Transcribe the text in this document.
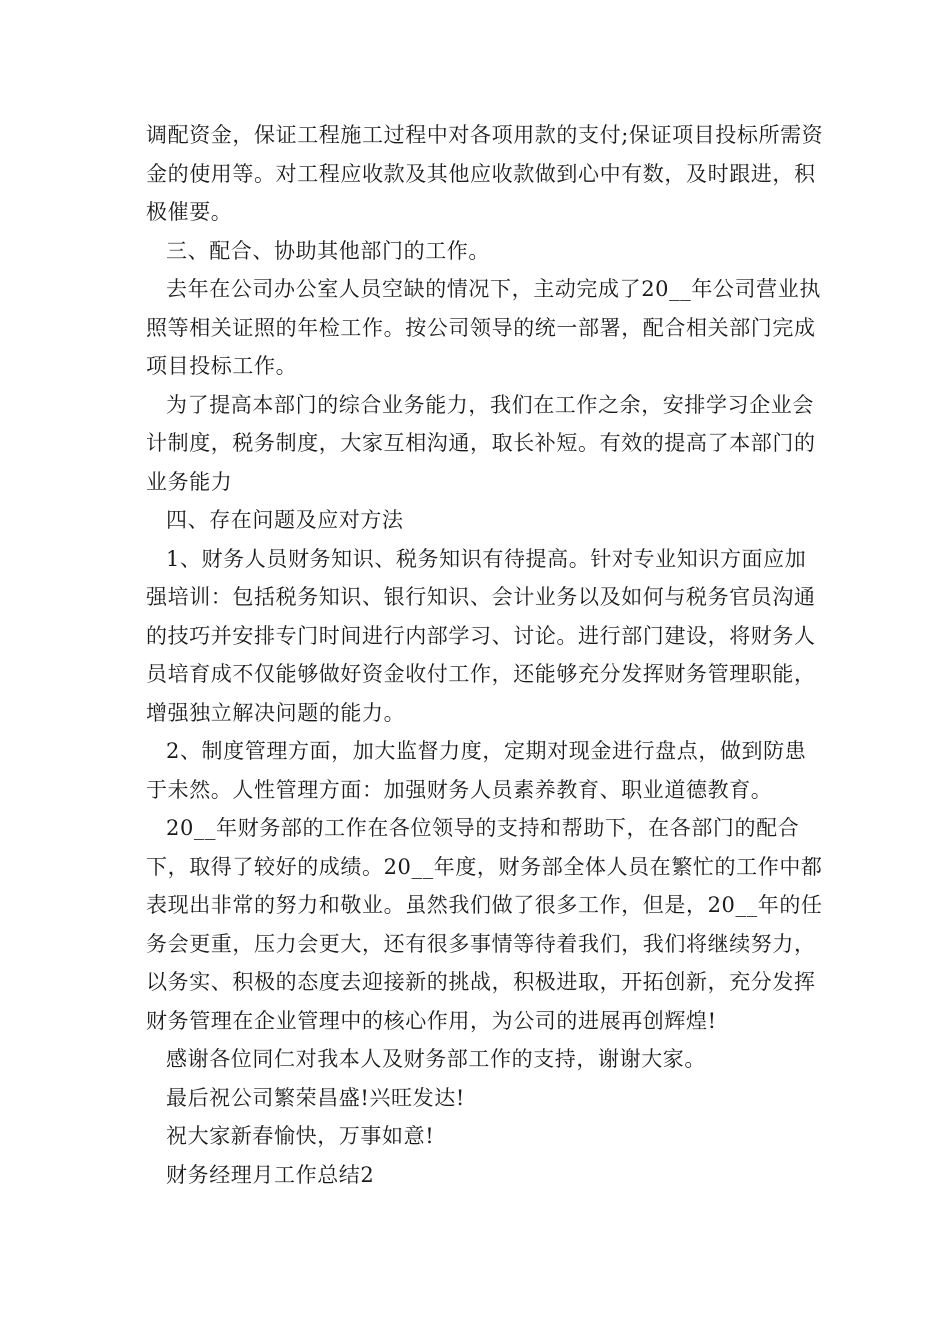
调配资金，保证工程施工过程中对各项用款的支付;保证项目投标所需资金的使用等。对工程应收款及其他应收款做到心中有数，及时跟进，积极催要。

三、配合、协助其他部门的工作。

去年在公司办公室人员空缺的情况下，主动完成了20__年公司营业执照等相关证照的年检工作。按公司领导的统一部署，配合相关部门完成项目投标工作。

为了提高本部门的综合业务能力，我们在工作之余，安排学习企业会计制度，税务制度，大家互相沟通，取长补短。有效的提高了本部门的业务能力

四、存在问题及应对方法

1、财务人员财务知识、税务知识有待提高。针对专业知识方面应加强培训：包括税务知识、银行知识、会计业务以及如何与税务官员沟通的技巧并安排专门时间进行内部学习、讨论。进行部门建设，将财务人员培育成不仅能够做好资金收付工作，还能够充分发挥财务管理职能，增强独立解决问题的能力。

2、制度管理方面，加大监督力度，定期对现金进行盘点，做到防患于未然。人性管理方面：加强财务人员素养教育、职业道德教育。

20__年财务部的工作在各位领导的支持和帮助下，在各部门的配合下，取得了较好的成绩。20__年度，财务部全体人员在繁忙的工作中都表现出非常的努力和敬业。虽然我们做了很多工作，但是，20__年的任务会更重，压力会更大，还有很多事情等待着我们，我们将继续努力，以务实、积极的态度去迎接新的挑战，积极进取，开拓创新，充分发挥财务管理在企业管理中的核心作用，为公司的进展再创辉煌!

感谢各位同仁对我本人及财务部工作的支持，谢谢大家。

最后祝公司繁荣昌盛!兴旺发达!

祝大家新春愉快，万事如意!

财务经理月工作总结2
